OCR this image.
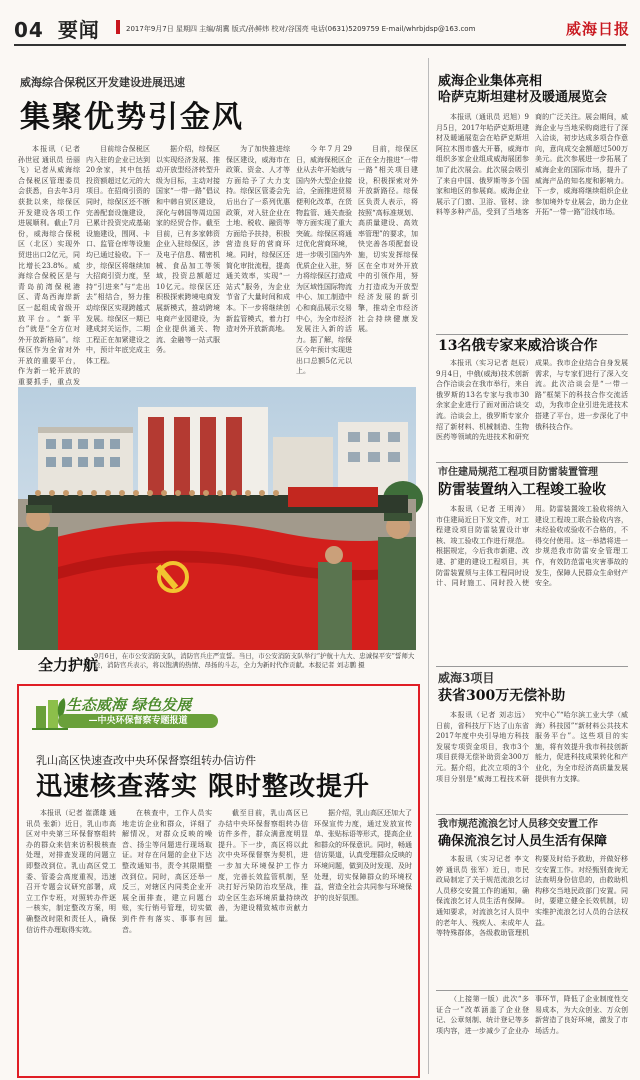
04 要闻	2017年9月7日 星期四 主编/胡冀 版式/孙鲜炜 校对/谷国亮 电话(0631)5209759 E-mail/whrbjdsp@163.com	威海日报
威海综合保税区开发建设进展迅速
集聚优势引金风

本报讯（记者 孙世冠 通讯员 岳丽飞）记者从威海综合保税区管理委员会获悉，自去年3月获批以来，综保区开发建设各项工作进展顺利。截止7月份，威海综合保税区（北区）实现外贸进出口2亿元，同比增长23.8%。威海综合保税区是与青岛前湾保税港区、青岛西海岸新区一起组成省级开放平台。“新平台”就是“全方位对外开放新格局”。综保区作为全省对外开放的重要平台，作为新一轮开放的重要抓手，重点发

目前综合保税区内入驻的企业已达到20余家，其中包括投资额超过亿元的大项目。在招商引资的同时，综保区还不断完善配套设施建设，已累计投资完成基础设施建设，围网、卡口、监管仓库等设施均已通过验收。下一步，综保区将继续加大招商引资力度，坚持“引进来”与“走出去”相结合，努力推动综保区实现跨越式发展。综保区一期已建成封关运作，二期工程正在加紧建设之中，预计年底完成主体工程。

据介绍，综保区以实现经济发展、推动开放型经济转型升级为目标，主动对接国家“一带一路”倡议和中韩自贸区建设，深化与韩国等周边国家的经贸合作。截至目前，已有多家韩资企业入驻综保区，涉及电子信息、精密机械、食品加工等领域，投资总额超过10亿元。综保区还积极探索跨境电商发展新模式，推动跨境电商产业园建设，为企业提供通关、物流、金融等一站式服务。

为了加快推进综保区建设，威海市在政策、资金、人才等方面给予了大力支持。综保区管委会先后出台了一系列优惠政策，对入驻企业在土地、税收、融资等方面给予扶持，积极营造良好的营商环境。同时，综保区还简化审批流程，提高通关效率，实现“一站式”服务，为企业节省了大量时间和成本。下一步将继续创新监管模式，着力打造对外开放新高地。

今年7月29日，威海保税区企业从去年开始就与国内外大型企业接洽，全面推进贸易便利化改革，在货物监管、通关查验等方面实现了重大突破。综保区将通过优化营商环境，进一步吸引国内外优质企业入驻，努力将综保区打造成为区域性国际物流中心、加工制造中心和商品展示交易中心，为全市经济发展注入新的活力。据了解，综保区今年预计实现进出口总额5亿元以上。

目前，综保区正在全力推进“一带一路”相关项目建设，积极探索对外开放新路径。综保区负责人表示，将按照“高标准规划、高质量建设、高效率管理”的要求，加快完善各项配套设施，切实发挥综保区在全市对外开放中的引领作用，努力打造成为开放型经济发展的新引擎，推动全市经济社会持续健康发展。

全力护航
9月6日，在市公安消防支队，消防官兵庄严宣誓。当日，市公安消防支队举行“护航十九大、忠诚保平安”誓师大会，消防官兵表示，将以饱满的热情、昂扬的斗志，全力为新时代作贡献。本报记者 刘志鹏 摄
威海企业集体亮相
哈萨克斯坦建材及暖通展览会

本报讯（通讯员 迟旭）9月5日，2017年哈萨克斯坦建材及暖通展览会在哈萨克斯坦阿拉木图市盛大开幕，威海市组织多家企业组成威海展团参加了此次展会。此次展会吸引了来自中国、俄罗斯等多个国家和地区的参展商。威海企业展示了门窗、卫浴、管材、涂料等多种产品，受到了当地客商的广泛关注。展会期间，威海企业与当地采购商进行了深入洽谈，初步达成多项合作意向，意向成交金额超过500万美元。此次参展进一步拓展了威海企业的国际市场，提升了威海产品的知名度和影响力。下一步，威海将继续组织企业参加境外专业展会，助力企业开拓“一带一路”沿线市场。

13名俄专家来威洽谈合作

本报讯（实习记者 赵辰）9月4日，中俄(威海)技术创新合作洽谈会在我市举行，来自俄罗斯的13名专家与我市30余家企业进行了面对面洽谈交流。洽谈会上，俄罗斯专家介绍了新材料、机械制造、生物医药等领域的先进技术和研究成果。我市企业结合自身发展需求，与专家们进行了深入交流。此次洽谈会是“一带一路”框架下的科技合作交流活动，为我市企业引进先进技术搭建了平台，进一步深化了中俄科技合作。

市住建局规范工程项目防雷装置管理
防雷装置纳入工程竣工验收

本报讯（记者 王明涛）市住建局近日下发文件，对工程建设项目防雷装置设计审核、竣工验收工作进行规范。根据规定，今后我市新建、改建、扩建的建设工程项目，其防雷装置须与主体工程同时设计、同时施工、同时投入使用。防雷装置竣工验收将纳入建设工程竣工联合验收内容，未经验收或验收不合格的，不得交付使用。这一举措将进一步规范我市防雷安全管理工作，有效防范雷电灾害事故的发生，保障人民群众生命财产安全。

威海3项目
获省300万无偿补助

本报讯（记者 刘志远）日前，省科技厅下达了山东省2017年度中央引导地方科技发展专项资金项目，我市3个项目获得无偿补助资金300万元。据介绍，此次立项的3个项目分别是“威海工程技术研究中心”“哈尔滨工业大学（威海）科技园”“新材料公共技术服务平台”。这些项目的实施，将有效提升我市科技创新能力，促进科技成果转化和产业化，为全市经济高质量发展提供有力支撑。

我市规范流浪乞讨人员移交安置工作
确保流浪乞讨人员生活有保障

本报讯（实习记者 李文婷 通讯员 张军）近日，市民政局制定了关于规范流浪乞讨人员移交安置工作的通知，确保流浪乞讨人员生活有保障。通知要求，对流浪乞讨人员中的老年人、残疾人、未成年人等特殊群体，各级救助管理机构要及时给予救助，并做好移交安置工作。对经甄别查询无法查明身份信息的，由救助机构移交当地民政部门安置。同时，要建立健全长效机制，切实维护流浪乞讨人员的合法权益。

（上接第一版）此次“多证合一”改革涵盖了企业登记、公章刻制、统计登记等多项内容，进一步减少了企业办事环节，降低了企业制度性交易成本，为大众创业、万众创新营造了良好环境，激发了市场活力。

生态威海 绿色发展
—中央环保督察专题报道
乳山高区快速查改中央环保督察组转办信访件
迅速核查落实 限时整改提升

本报讯（记者 崔潇雄 通讯员 张新）近日，乳山市高区对中央第三环保督察组转办的群众来信来访积极核查处理，对排查发现的问题立即整改到位。乳山高区党工委、管委会高度重视，迅速召开专题会议研究部署，成立工作专班，对照转办件逐一核实，制定整改方案，明确整改时限和责任人，确保信访件办理取得实效。

在核查中，工作人员实地走访企业和群众，详细了解情况，对群众反映的噪音、扬尘等问题进行现场取证。对存在问题的企业下达整改通知书，责令其限期整改到位。同时，高区还举一反三，对辖区内同类企业开展全面排查，建立问题台账，实行销号管理，切实做到件件有落实、事事有回音。

截至目前，乳山高区已办结中央环保督察组转办信访件多件，群众满意度明显提升。下一步，高区将以此次中央环保督察为契机，进一步加大环境保护工作力度，完善长效监管机制，坚决打好污染防治攻坚战，推动全区生态环境质量持续改善，为建设精致城市贡献力量。

据介绍，乳山高区还加大了环保宣传力度，通过发放宣传单、张贴标语等形式，提高企业和群众的环保意识。同时，畅通信访渠道，认真受理群众反映的环境问题，做到及时发现、及时处理，切实保障群众的环境权益，营造全社会共同参与环境保护的良好氛围。
